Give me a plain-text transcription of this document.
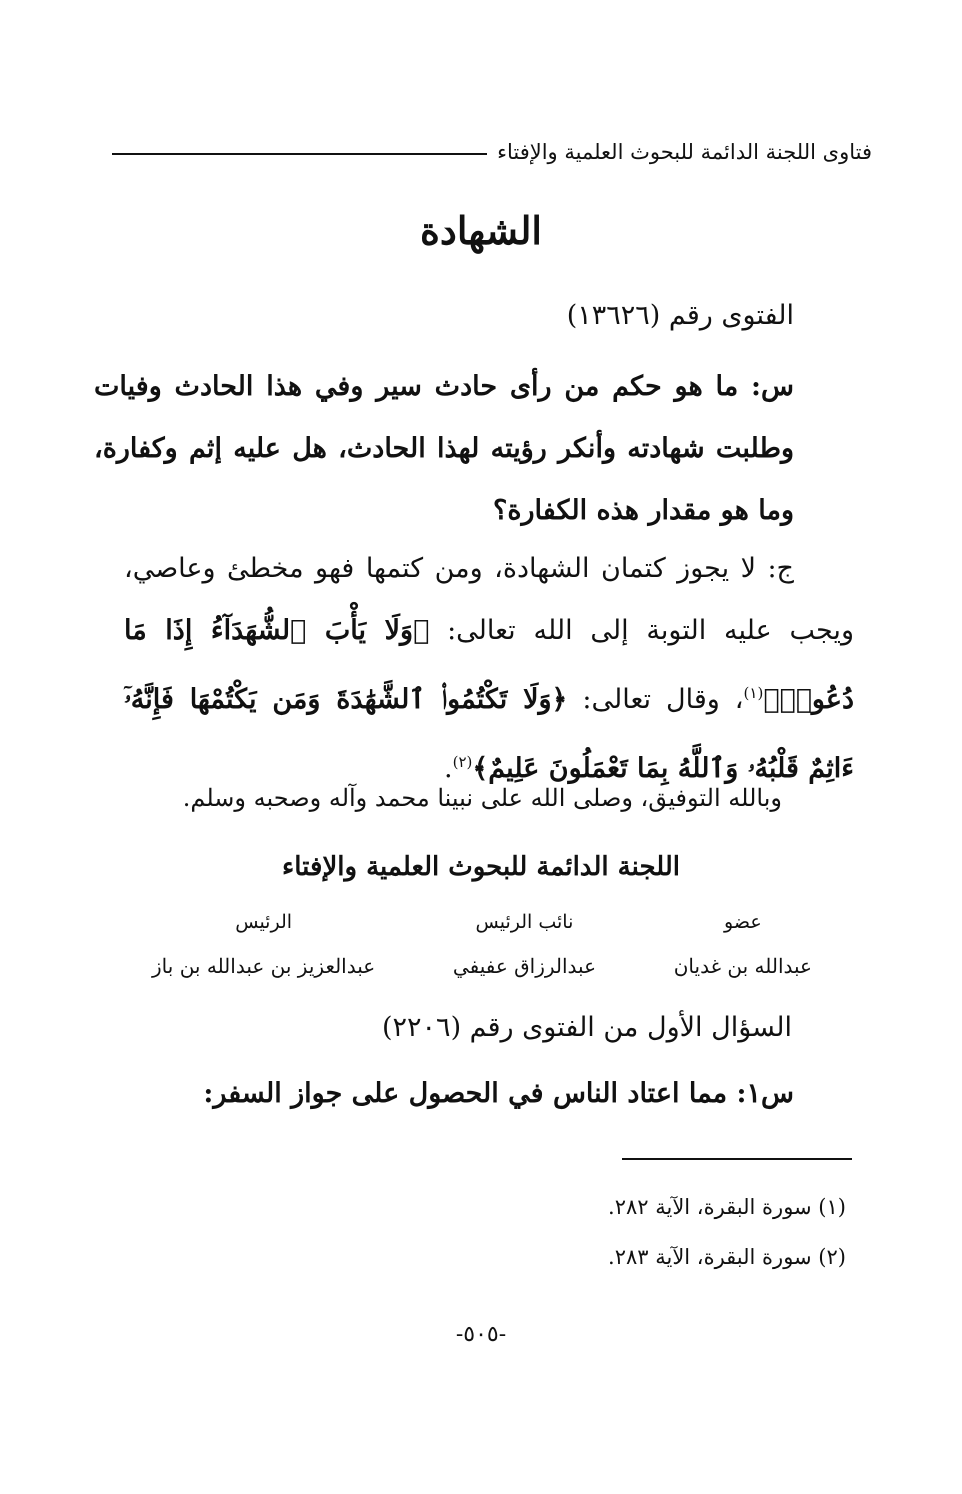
فتاوى اللجنة الدائمة للبحوث العلمية والإفتاء
الشهادة
الفتوى رقم (١٣٦٢٦)
س: ما هو حكم من رأى حادث سير وفي هذا الحادث وفيات وطلبت شهادته وأنكر رؤيته لهذا الحادث، هل عليه إثم وكفارة، وما هو مقدار هذه الكفارة؟
ج: لا يجوز كتمان الشهادة، ومن كتمها فهو مخطئ وعاصي، ويجب عليه التوبة إلى الله تعالى: ﴿وَلَا يَأْبَ ٱلشُّهَدَآءُ إِذَا مَا دُعُوا۟﴾$^{(١)}$، وقال تعالى: ﴿وَلَا تَكْتُمُوا۟ ٱلشَّهَٰدَةَ وَمَن يَكْتُمْهَا فَإِنَّهُۥٓ ءَاثِمٌ قَلْبُهُۥ وَٱللَّهُ بِمَا تَعْمَلُونَ عَلِيمٌ﴾$^{(٢)}$.
وبالله التوفيق، وصلى الله على نبينا محمد وآله وصحبه وسلم.
اللجنة الدائمة للبحوث العلمية والإفتاء
عضو
عبدالله بن غديان
نائب الرئيس
عبدالرزاق عفيفي
الرئيس
عبدالعزيز بن عبدالله بن باز
السؤال الأول من الفتوى رقم (٢٢٠٦)
س١: مما اعتاد الناس في الحصول على جواز السفر:
(١) سورة البقرة، الآية ٢٨٢.
(٢) سورة البقرة، الآية ٢٨٣.
-٥٠٥-
